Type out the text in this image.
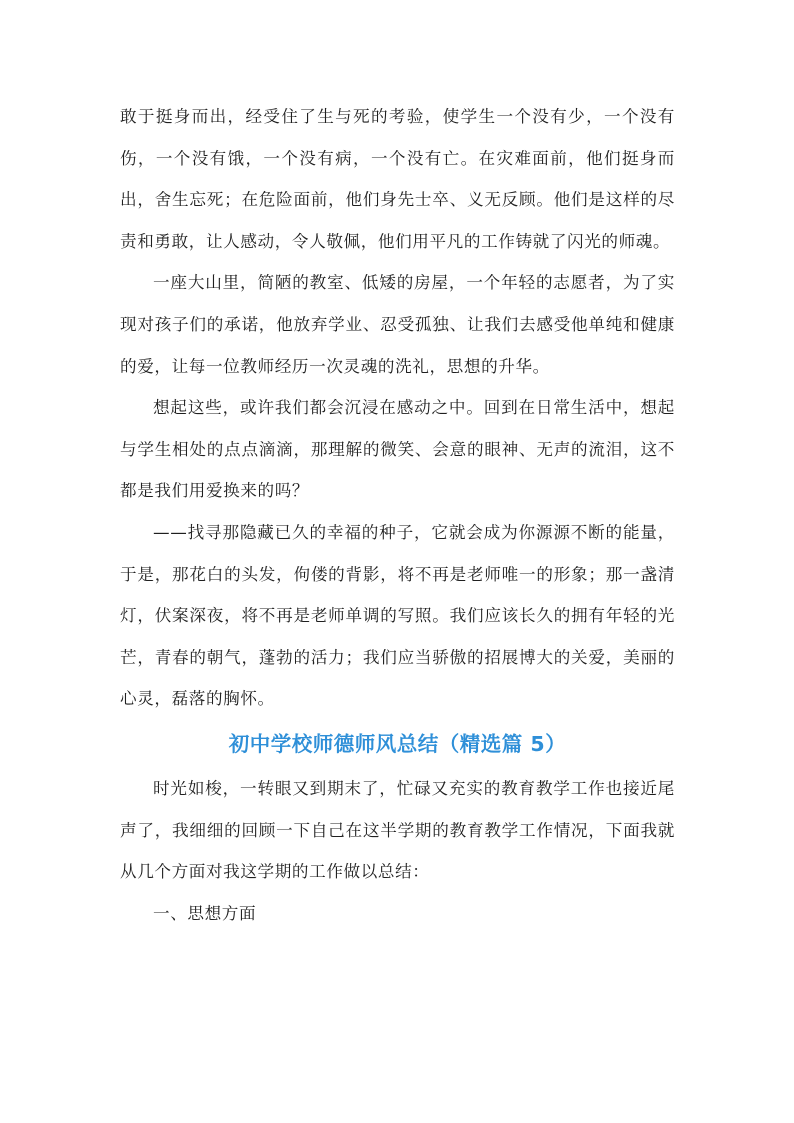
敢于挺身而出，经受住了生与死的考验，使学生一个没有少，一个没有伤，一个没有饿，一个没有病，一个没有亡。在灾难面前，他们挺身而出，舍生忘死；在危险面前，他们身先士卒、义无反顾。他们是这样的尽责和勇敢，让人感动，令人敬佩，他们用平凡的工作铸就了闪光的师魂。

一座大山里，简陋的教室、低矮的房屋，一个年轻的志愿者，为了实现对孩子们的承诺，他放弃学业、忍受孤独、让我们去感受他单纯和健康的爱，让每一位教师经历一次灵魂的洗礼，思想的升华。

想起这些，或许我们都会沉浸在感动之中。回到在日常生活中，想起与学生相处的点点滴滴，那理解的微笑、会意的眼神、无声的流泪，这不都是我们用爱换来的吗？

——找寻那隐藏已久的幸福的种子，它就会成为你源源不断的能量，于是，那花白的头发，佝偻的背影，将不再是老师唯一的形象；那一盏清灯，伏案深夜，将不再是老师单调的写照。我们应该长久的拥有年轻的光芒，青春的朝气，蓬勃的活力；我们应当骄傲的招展博大的关爱，美丽的心灵，磊落的胸怀。

初中学校师德师风总结（精选篇 5）

时光如梭，一转眼又到期末了，忙碌又充实的教育教学工作也接近尾声了，我细细的回顾一下自己在这半学期的教育教学工作情况，下面我就从几个方面对我这学期的工作做以总结：

一、思想方面
